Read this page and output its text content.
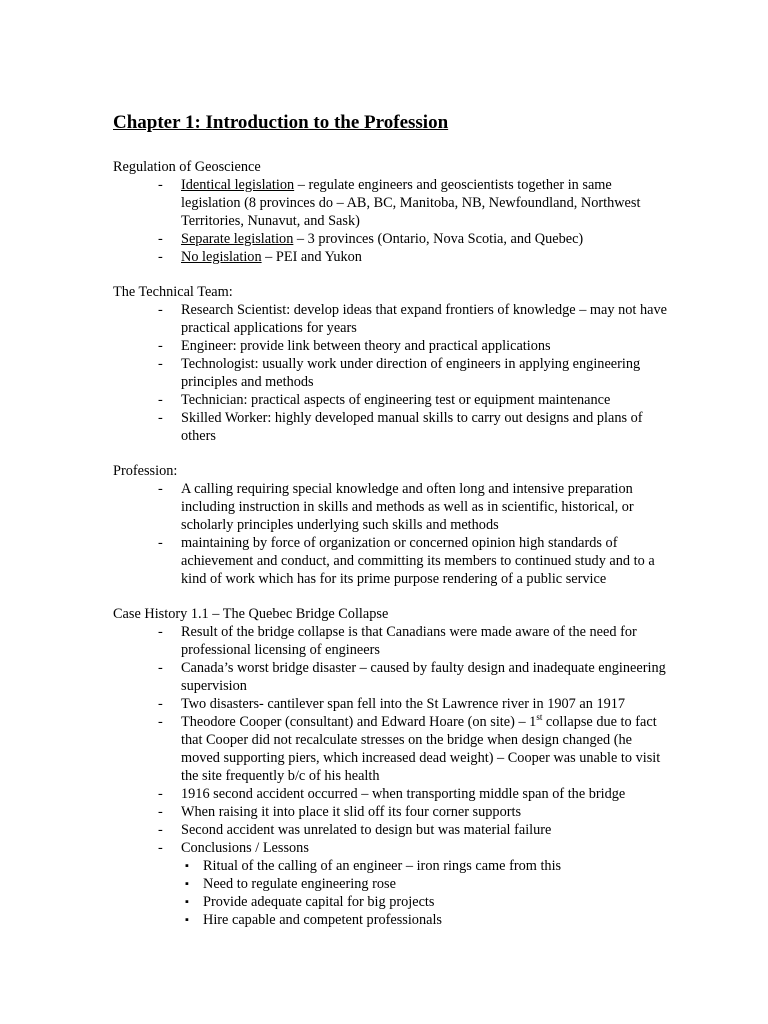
Chapter 1: Introduction to the Profession

Regulation of Geoscience

- Identical legislation – regulate engineers and geoscientists together in same legislation (8 provinces do – AB, BC, Manitoba, NB, Newfoundland, Northwest Territories, Nunavut, and Sask)
- Separate legislation – 3 provinces (Ontario, Nova Scotia, and Quebec)
- No legislation – PEI and Yukon

The Technical Team:

- Research Scientist: develop ideas that expand frontiers of knowledge – may not have practical applications for years
- Engineer: provide link between theory and practical applications
- Technologist: usually work under direction of engineers in applying engineering principles and methods
- Technician: practical aspects of engineering test or equipment maintenance
- Skilled Worker: highly developed manual skills to carry out designs and plans of others

Profession:

- A calling requiring special knowledge and often long and intensive preparation including instruction in skills and methods as well as in scientific, historical, or scholarly principles underlying such skills and methods
- maintaining by force of organization or concerned opinion high standards of achievement and conduct, and committing its members to continued study and to a kind of work which has for its prime purpose rendering of a public service

Case History 1.1 – The Quebec Bridge Collapse

- Result of the bridge collapse is that Canadians were made aware of the need for professional licensing of engineers
- Canada’s worst bridge disaster – caused by faulty design and inadequate engineering supervision
- Two disasters- cantilever span fell into the St Lawrence river in 1907 an 1917
- Theodore Cooper (consultant) and Edward Hoare (on site) – 1st collapse due to fact that Cooper did not recalculate stresses on the bridge when design changed (he moved supporting piers, which increased dead weight) – Cooper was unable to visit the site frequently b/c of his health
- 1916 second accident occurred – when transporting middle span of the bridge
- When raising it into place it slid off its four corner supports
- Second accident was unrelated to design but was material failure
- Conclusions / Lessons
▪ Ritual of the calling of an engineer – iron rings came from this
▪ Need to regulate engineering rose
▪ Provide adequate capital for big projects
▪ Hire capable and competent professionals
